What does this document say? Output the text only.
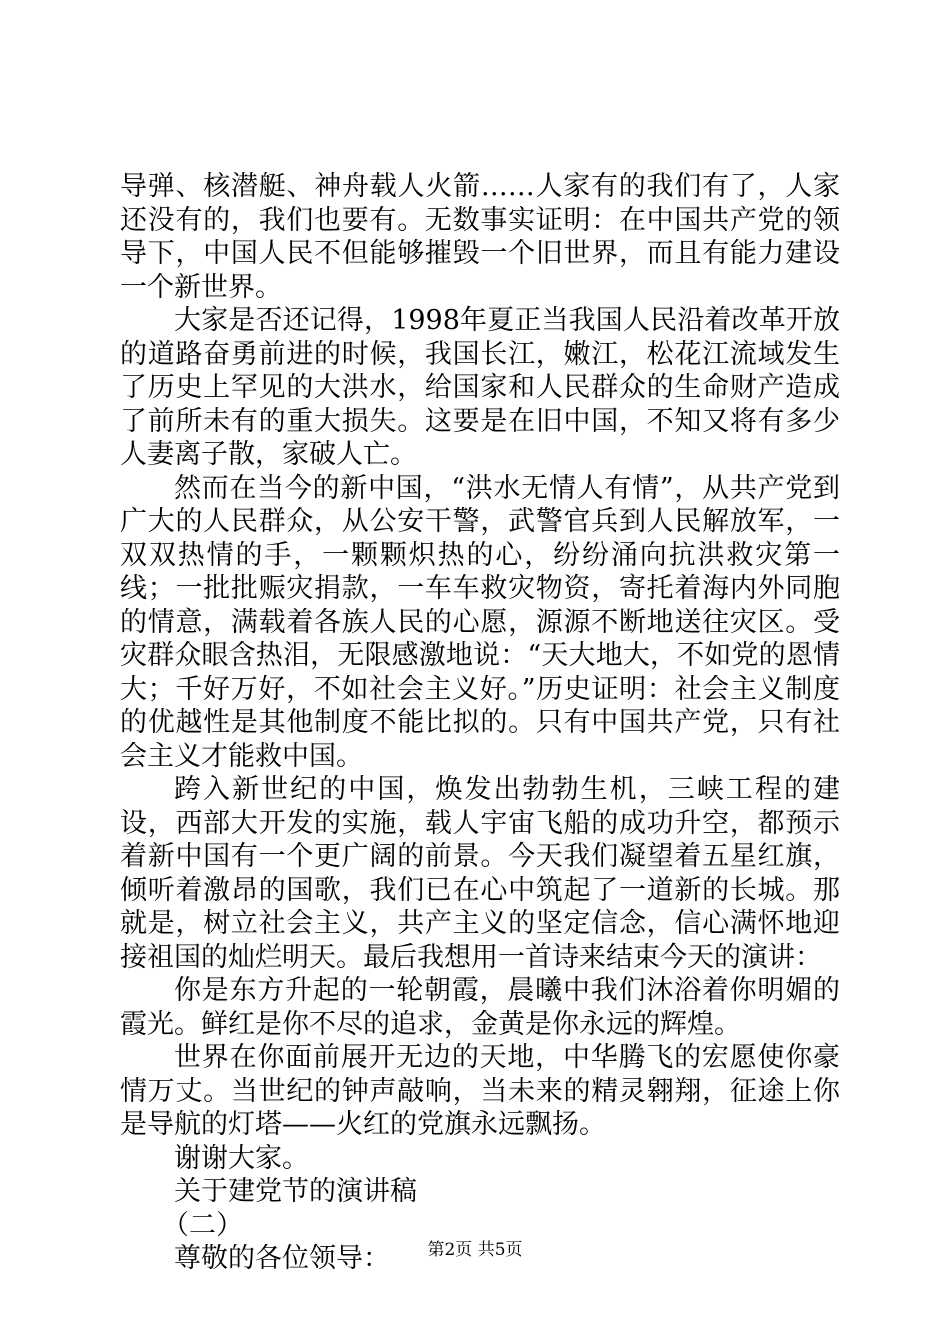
导弹、核潜艇、神舟载人火箭……人家有的我们有了，人家还没有的，我们也要有。无数事实证明：在中国共产党的领导下，中国人民不但能够摧毁一个旧世界，而且有能力建设一个新世界。

大家是否还记得，1998年夏正当我国人民沿着改革开放的道路奋勇前进的时候，我国长江，嫩江，松花江流域发生了历史上罕见的大洪水，给国家和人民群众的生命财产造成了前所未有的重大损失。这要是在旧中国，不知又将有多少人妻离子散，家破人亡。

然而在当今的新中国，“洪水无情人有情”，从共产党到广大的人民群众，从公安干警，武警官兵到人民解放军，一双双热情的手，一颗颗炽热的心，纷纷涌向抗洪救灾第一线；一批批赈灾捐款，一车车救灾物资，寄托着海内外同胞的情意，满载着各族人民的心愿，源源不断地送往灾区。受灾群众眼含热泪，无限感激地说：“天大地大，不如党的恩情大；千好万好，不如社会主义好。”历史证明：社会主义制度的优越性是其他制度不能比拟的。只有中国共产党，只有社会主义才能救中国。

跨入新世纪的中国，焕发出勃勃生机，三峡工程的建设，西部大开发的实施，载人宇宙飞船的成功升空，都预示着新中国有一个更广阔的前景。今天我们凝望着五星红旗，倾听着激昂的国歌，我们已在心中筑起了一道新的长城。那就是，树立社会主义，共产主义的坚定信念，信心满怀地迎接祖国的灿烂明天。最后我想用一首诗来结束今天的演讲：

你是东方升起的一轮朝霞，晨曦中我们沐浴着你明媚的霞光。鲜红是你不尽的追求，金黄是你永远的辉煌。

世界在你面前展开无边的天地，中华腾飞的宏愿使你豪情万丈。当世纪的钟声敲响，当未来的精灵翱翔，征途上你是导航的灯塔——火红的党旗永远飘扬。

谢谢大家。

关于建党节的演讲稿

（二）

尊敬的各位领导：	第2页 共5页
